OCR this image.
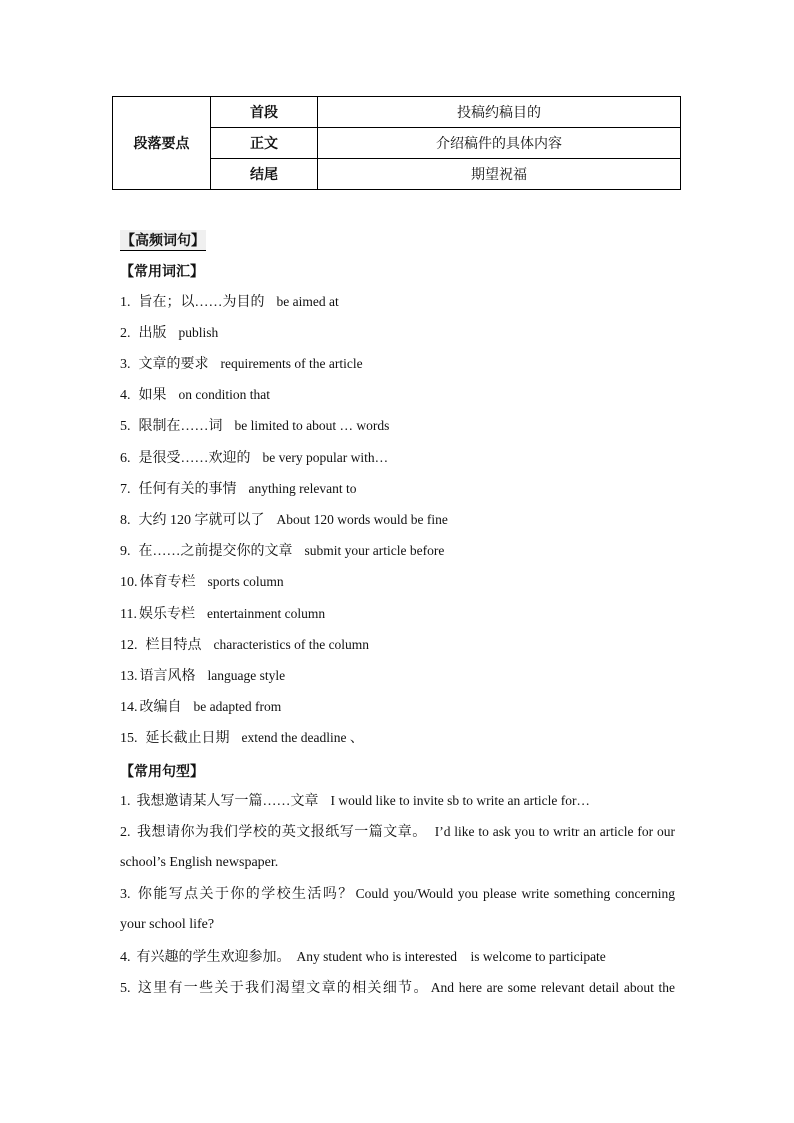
段落要点	首段	投稿约稿目的
	正文	介绍稿件的具体内容
	结尾	期望祝福
【高频词句】
【常用词汇】
1. 旨在；以……为目的 be aimed at
2. 出版 publish
3. 文章的要求 requirements of the article
4. 如果 on condition that
5. 限制在……词 be limited to about … words
6. 是很受……欢迎的 be very popular with…
7. 任何有关的事情 anything relevant to
8. 大约 120 字就可以了 About 120 words would be fine
9. 在……之前提交你的文章 submit your article before
10. 体育专栏 sports column
11. 娱乐专栏 entertainment column
12. 栏目特点 characteristics of the column
13. 语言风格 language style
14. 改编自 be adapted from
15. 延长截止日期 extend the deadline 、
【常用句型】
1. 我想邀请某人写一篇……文章 I would like to invite sb to write an article for…
2. 我想请你为我们学校的英文报纸写一篇文章。 I’d like to ask you to writr an article for our
school’s English newspaper.
3. 你能写点关于你的学校生活吗？ Could you/Would you please write something concerning
your school life?
4. 有兴趣的学生欢迎参加。 Any student who is interested    is welcome to participate
5. 这里有一些关于我们渴望文章的相关细节。 And here are some relevant detail about the
